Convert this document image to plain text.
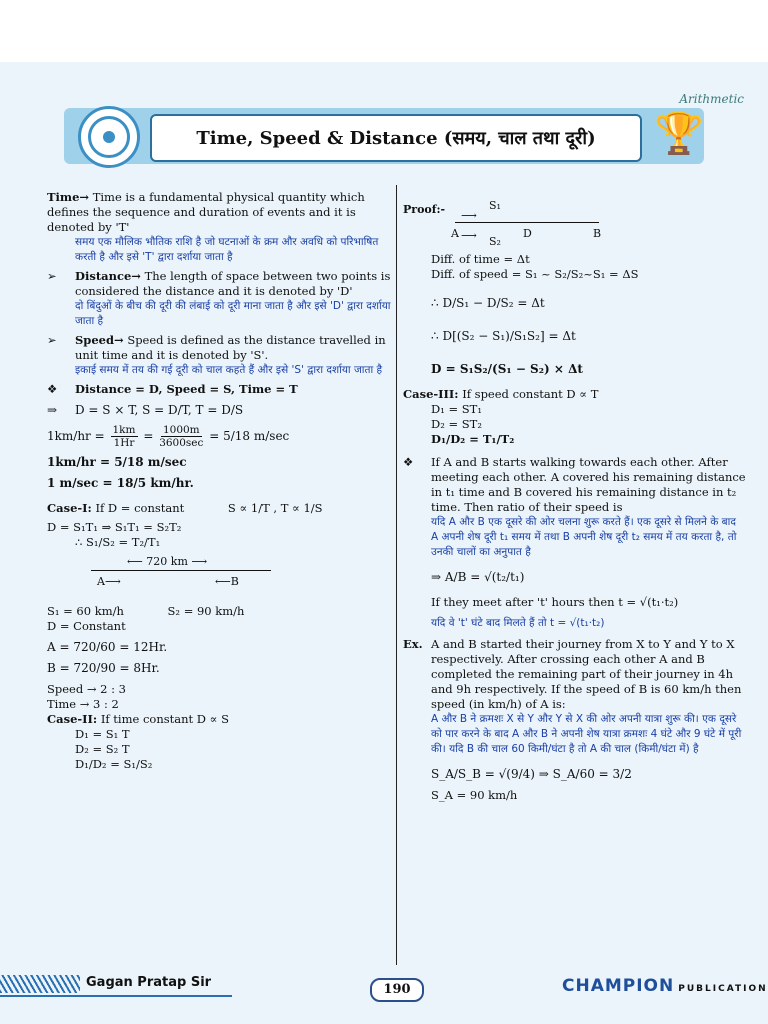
Arithmetic
Time, Speed & Distance (समय, चाल तथा दूरी)	🏆
Time→ Time is a fundamental physical quantity which defines the sequence and duration of events and it is denoted by 'T'
समय एक मौलिक भौतिक राशि है जो घटनाओं के क्रम और अवधि को परिभाषित करती है और इसे 'T' द्वारा दर्शाया जाता है
➢	Distance→ The length of space between two points is considered the distance and it is denoted by 'D'
दो बिंदुओं के बीच की दूरी की लंबाई को दूरी माना जाता है और इसे 'D' द्वारा दर्शाया जाता है
➢	Speed→ Speed is defined as the distance travelled in unit time and it is denoted by 'S'.
इकाई समय में तय की गई दूरी को चाल कहते हैं और इसे 'S' द्वारा दर्शाया जाता है
❖	Distance = D, Speed = S, Time = T
⇒	D = S × T, S = D/T, T = D/S
$1km/hr = \frac{1km}{1Hr} = \frac{1000m}{3600\sec} = 5/18$ m/sec
1km/hr = 5/18 m/sec
1 m/sec = 18/5 km/hr.
Case-I: If D = constant	S ∝ 1/T , T ∝ 1/S
D = S₁T₁ ⇒ S₁T₁ = S₂T₂
∴ S₁/S₂ = T₂/T₁
⟵ 720 km ⟶
A⟶	⟵B
S₁ = 60 km/h	S₂ = 90 km/h
D = Constant
A = 720/60 = 12Hr.
B = 720/90 = 8Hr.
Speed → 2 : 3
Time → 3 : 2
Case-II: If time constant D ∝ S
D₁ = S₁ T
D₂ = S₂ T
D₁/D₂ = S₁/S₂
Proof:-	S₁
⟶
A	D	B
⟶ S₂
Diff. of time = Δt
Diff. of speed = S₁ ~ S₂/S₂~S₁ = ΔS
∴ D/S₁ − D/S₂ = Δt
∴ D[(S₂ − S₁)/S₁S₂] = Δt
D = S₁S₂/(S₁ − S₂) × Δt
Case-III: If speed constant D ∝ T
D₁ = ST₁
D₂ = ST₂
D₁/D₂ = T₁/T₂
❖	If A and B starts walking towards each other. After meeting each other. A covered his remaining distance in t₁ time and B covered his remaining distance in t₂ time. Then ratio of their speed is
यदि A और B एक दूसरे की ओर चलना शुरू करते हैं। एक दूसरे से मिलने के बाद A अपनी शेष दूरी t₁ समय में तथा B अपनी शेष दूरी t₂ समय में तय करता है, तो उनकी चालों का अनुपात है
⇒ A/B = √(t₂/t₁)
If they meet after 't' hours then t = √(t₁·t₂)
यदि वे 't' घंटे बाद मिलते हैं तो t = √(t₁·t₂)
Ex. A and B started their journey from X to Y and Y to X respectively. After crossing each other A and B completed the remaining part of their journey in 4h and 9h respectively. If the speed of B is 60 km/h then speed (in km/h) of A is:
A और B ने क्रमशः X से Y और Y से X की ओर अपनी यात्रा शुरू की। एक दूसरे को पार करने के बाद A और B ने अपनी शेष यात्रा क्रमशः 4 घंटे और 9 घंटे में पूरी की। यदि B की चाल 60 किमी/घंटा है तो A की चाल (किमी/घंटा में) है
S_A/S_B = √(9/4) ⇒ S_A/60 = 3/2
S_A = 90 km/h
Gagan Pratap Sir	190	CHAMPION PUBLICATION
